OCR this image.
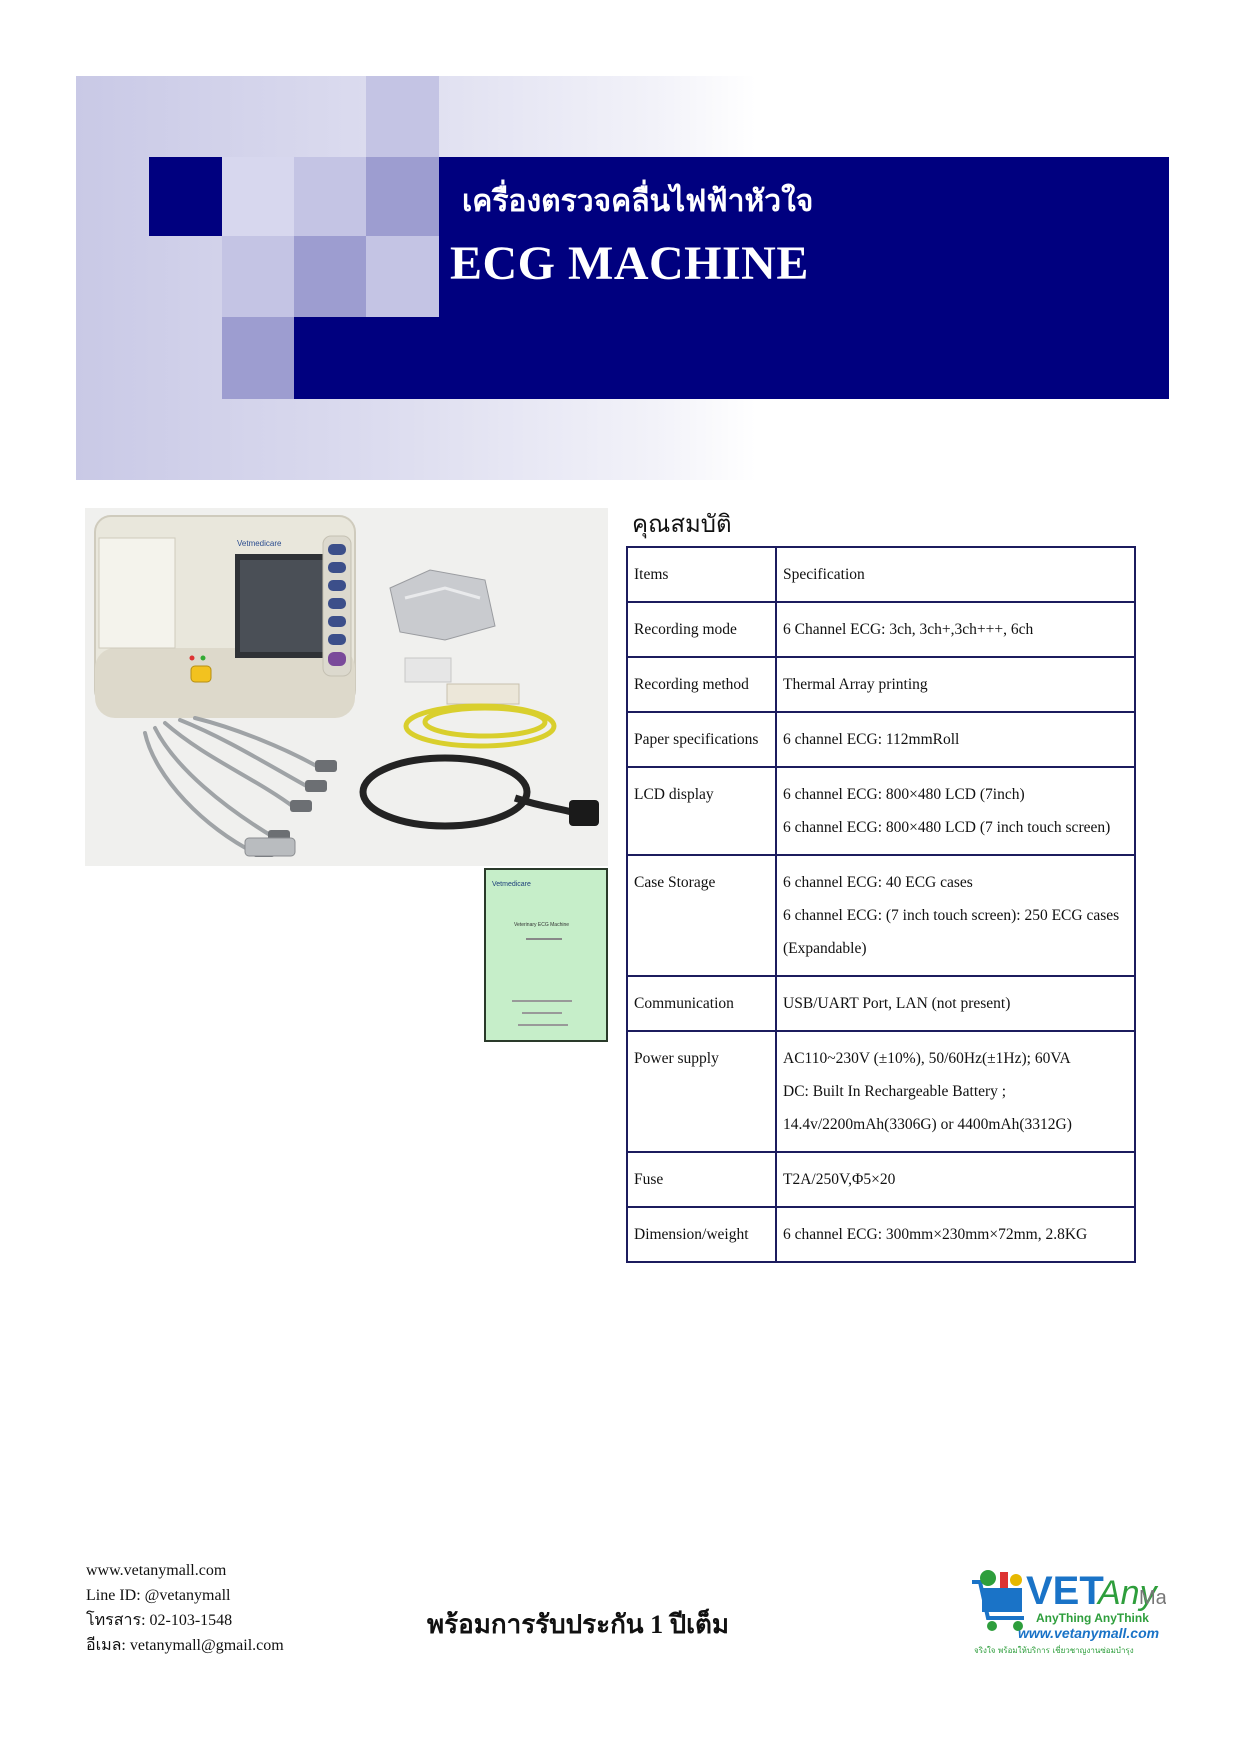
เครื่องตรวจคลื่นไฟฟ้าหัวใจ
ECG MACHINE
Vetmedicare
Vetmedicare
Veterinary ECG Machine
คุณสมบัติ
Items	Specification
Recording mode	6 Channel ECG: 3ch, 3ch+,3ch+++, 6ch

Recording method	Thermal Array printing

Paper specifications	6 channel ECG: 112mmRoll

LCD display	6 channel ECG: 800×480 LCD (7inch)
6 channel ECG: 800×480 LCD (7 inch touch screen)

Case Storage	6 channel ECG: 40 ECG cases
6 channel ECG: (7 inch touch screen): 250 ECG cases (Expandable)

Communication	USB/UART Port, LAN (not present)

Power supply	AC110~230V (±10%), 50/60Hz(±1Hz); 60VA
DC: Built In Rechargeable Battery ; 14.4v/2200mAh(3306G) or 4400mAh(3312G)

Fuse	T2A/250V,Φ5×20

Dimension/weight	6 channel ECG: 300mm×230mm×72mm, 2.8KG
www.vetanymall.com
Line ID: @vetanymall
โทรสาร: 02-103-1548
อีเมล: vetanymall@gmail.com
พร้อมการรับประกัน 1 ปีเต็ม
VET
Any
Ma
AnyThing AnyThink
www.vetanymall.com
จริงใจ พร้อมให้บริการ เชี่ยวชาญงานซ่อมบำรุง
